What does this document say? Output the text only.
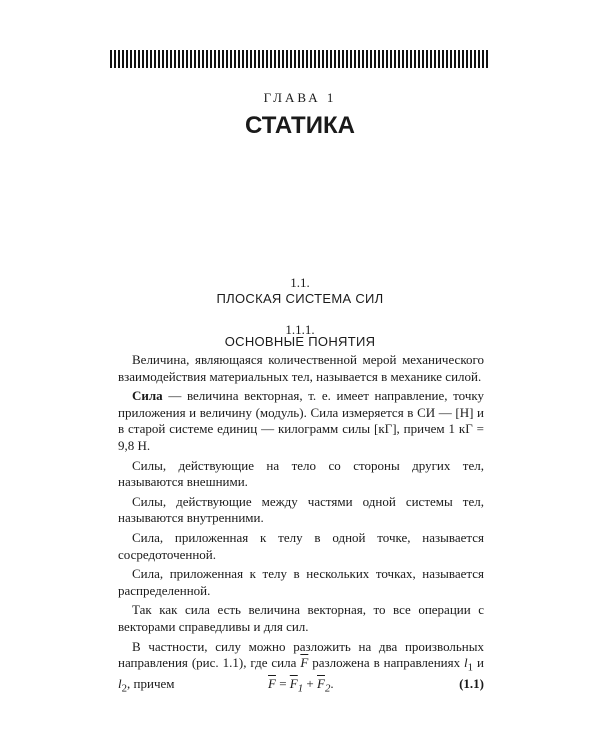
ГЛАВА 1
СТАТИКА
1.1.
ПЛОСКАЯ СИСТЕМА СИЛ
1.1.1.
ОСНОВНЫЕ ПОНЯТИЯ

Величина, являющаяся количественной мерой механического взаимодействия материальных тел, называется в механике силой.

Сила — величина векторная, т. е. имеет направление, точку приложения и величину (модуль). Сила измеряется в СИ — [Н] и в старой системе единиц — килограмм силы [кГ], причем 1 кГ = 9,8 Н.

Силы, действующие на тело со стороны других тел, называются внешними.

Силы, действующие между частями одной системы тел, называются внутренними.

Сила, приложенная к телу в одной точке, называется сосредоточенной.

Сила, приложенная к телу в нескольких точках, называется распределенной.

Так как сила есть величина векторная, то все операции с векторами справедливы и для сил.

В частности, силу можно разложить на два произвольных направления (рис. 1.1), где сила $\overline{F}$ разложена в направлениях $l_1$ и $l_2$, причем	$\overline{F} = \overline{F}_1 + \overline{F}_2$.	(1.1)
